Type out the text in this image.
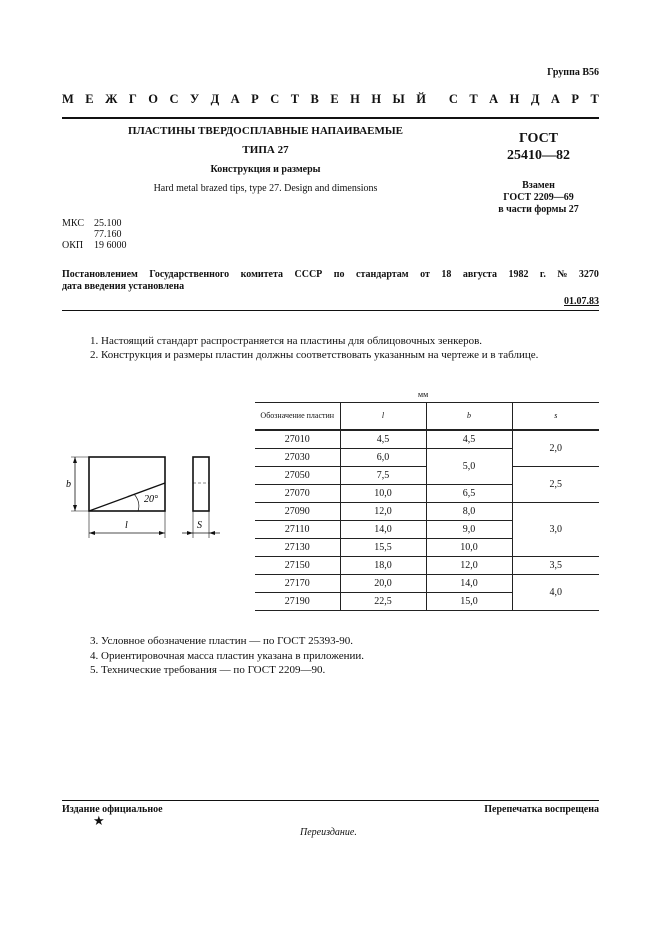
Группа В56
М Е Ж Г О С У Д А Р С Т В Е Н Н Ы Й С Т А Н Д А Р Т
ПЛАСТИНЫ ТВЕРДОСПЛАВНЫЕ НАПАИВАЕМЫЕ
ТИПА 27
Конструкция и размеры
Hard metal brazed tips, type 27. Design and dimensions
ГОСТ
25410—82
Взамен
ГОСТ 2209—69
в части формы 27
МКС	25.100
77.160
ОКП	19 6000
Постановлением Государственного комитета СССР по стандартам от 18 августа 1982 г. № 3270
дата введения установлена
01.07.83
1. Настоящий стандарт распространяется на пластины для облицовочных зенкеров.
2. Конструкция и размеры пластин должны соответствовать указанным на чертеже и в таблице.
b
l
20°
S
мм
Обозначение пластин	l	b	s
27010	4,5	4,5	2,0
27030	6,0	5,0	
27050	7,5		2,5
27070	10,0	6,5	
27090	12,0	8,0	3,0
27110	14,0	9,0	
27130	15,5	10,0	
27150	18,0	12,0	3,5
27170	20,0	14,0	4,0
27190	22,5	15,0	
3. Условное обозначение пластин — по ГОСТ 25393-90.
4. Ориентировочная масса пластин указана в приложении.
5. Технические требования — по ГОСТ 2209—90.
Издание официальное	Перепечатка воспрещена
★
Переиздание.
